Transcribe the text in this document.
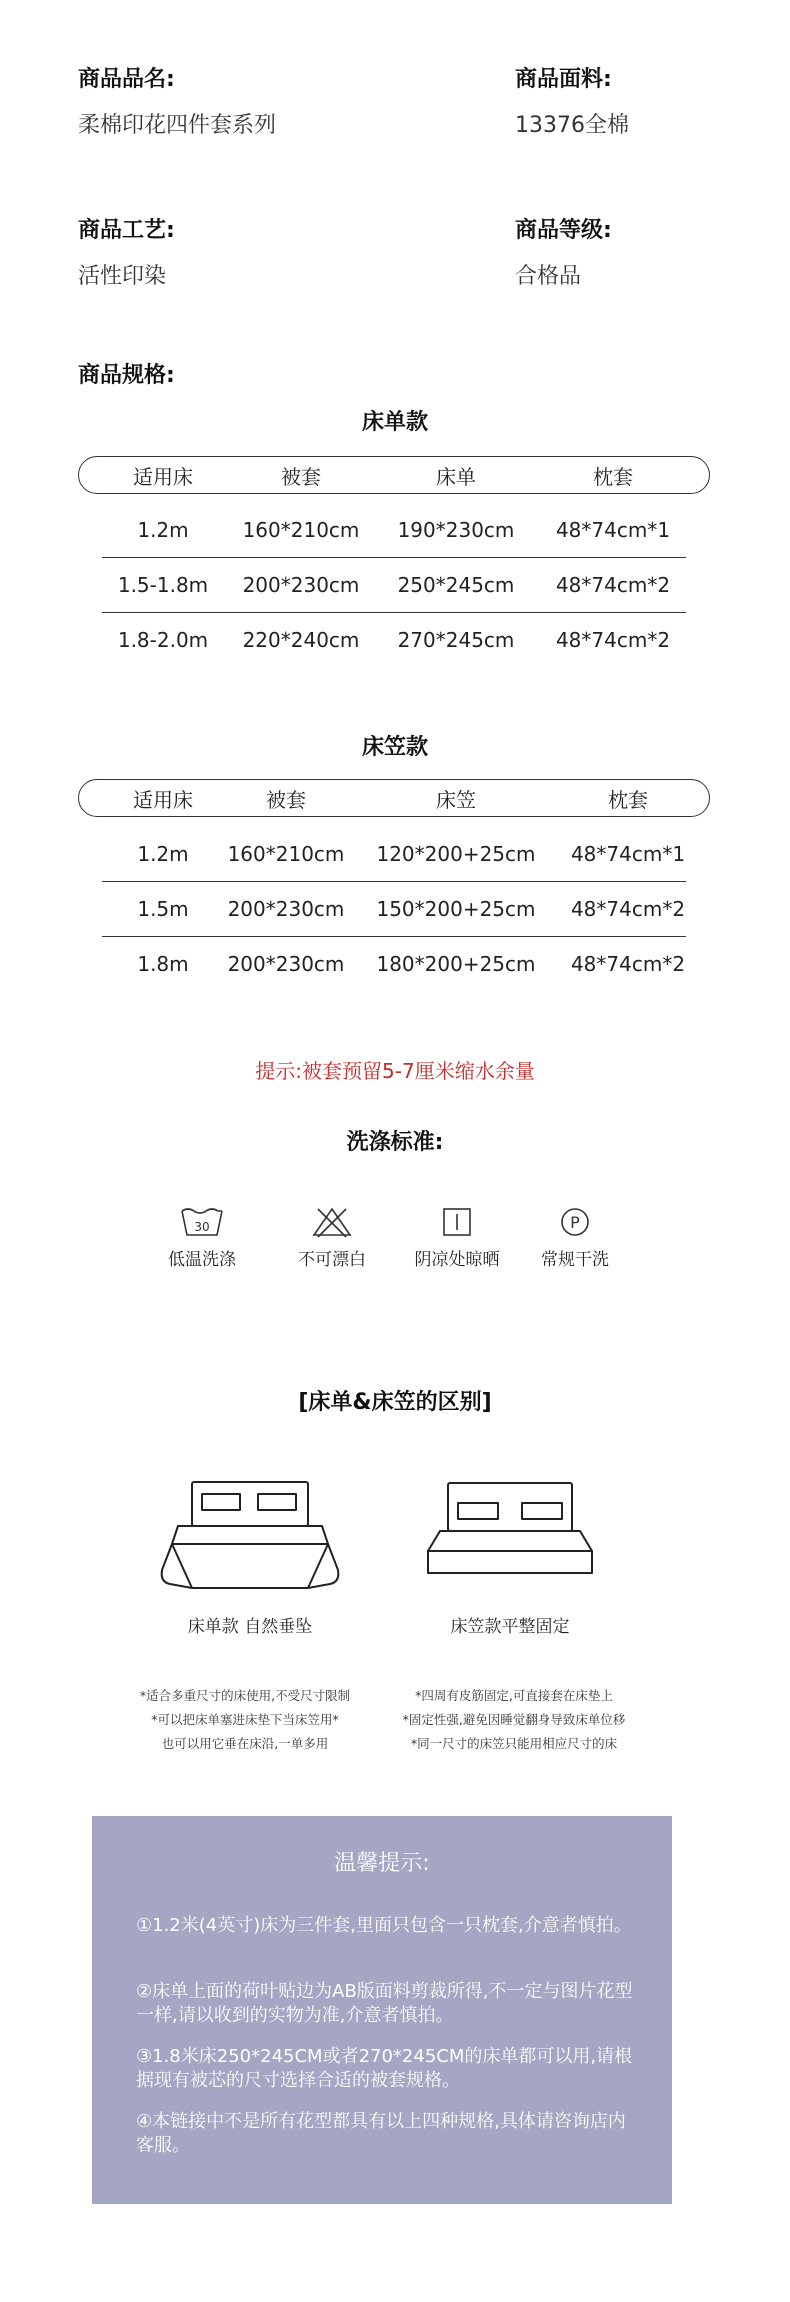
商品品名:
柔棉印花四件套系列
商品面料:
13376全棉
商品工艺:
活性印染
商品等级:
合格品
商品规格:
床单款
适用床	被套	床单	枕套
1.2m	160*210cm	190*230cm	48*74cm*1
1.5-1.8m	200*230cm	250*245cm	48*74cm*2
1.8-2.0m	220*240cm	270*245cm	48*74cm*2
床笠款
适用床	被套	床笠	枕套
1.2m	160*210cm	120*200+25cm	48*74cm*1
1.5m	200*230cm	150*200+25cm	48*74cm*2
1.8m	200*230cm	180*200+25cm	48*74cm*2
提示:被套预留5-7厘米缩水余量
洗涤标准:
30
低温洗涤	不可漂白	阴凉处晾晒
P
常规干洗
[床单&床笠的区别]
床单款 自然垂坠	床笠款平整固定
*适合多重尺寸的床使用,不受尺寸限制
*可以把床单塞进床垫下当床笠用*
也可以用它垂在床沿,一单多用
*四周有皮筋固定,可直接套在床垫上
*固定性强,避免因睡觉翻身导致床单位移
*同一尺寸的床笠只能用相应尺寸的床
温馨提示:
①1.2米(4英寸)床为三件套,里面只包含一只枕套,介意者慎拍。
②床单上面的荷叶贴边为AB版面料剪裁所得,不一定与图片花型一样,请以收到的实物为准,介意者慎拍。
③1.8米床250*245CM或者270*245CM的床单都可以用,请根据现有被芯的尺寸选择合适的被套规格。
④本链接中不是所有花型都具有以上四种规格,具体请咨询店内客服。
